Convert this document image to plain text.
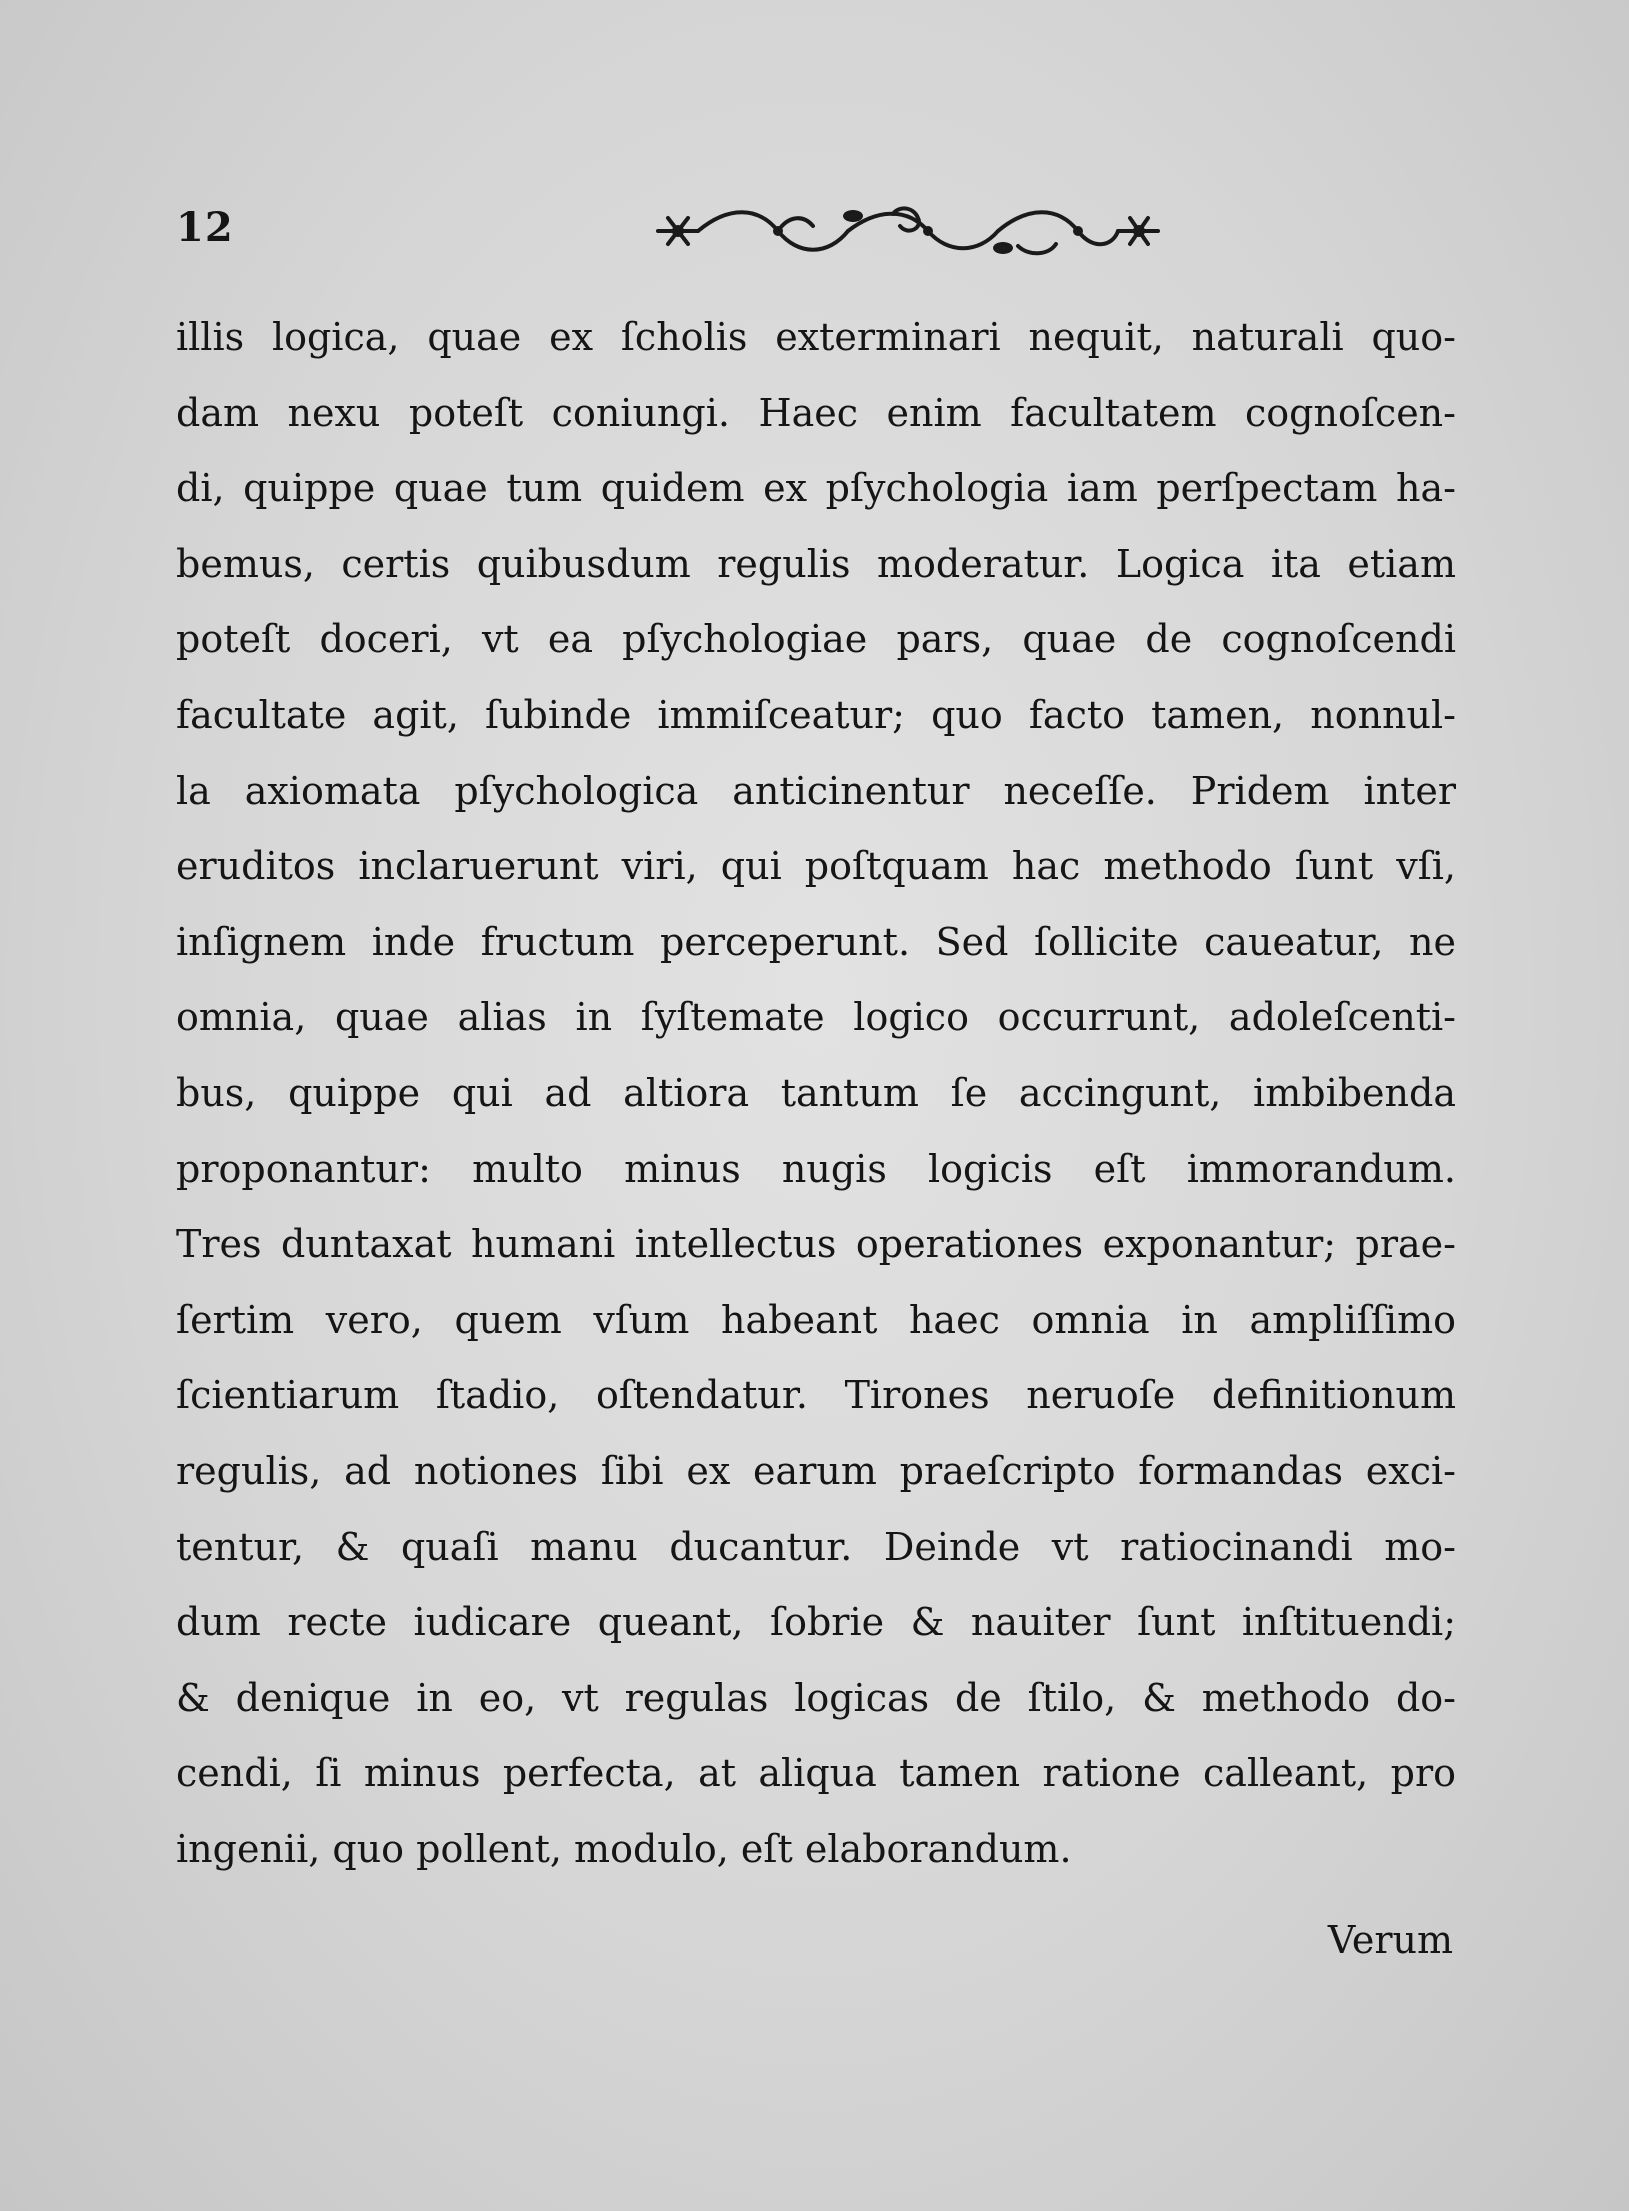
12
illis logica, quae ex ſcholis exterminari nequit, naturali quo-
dam nexu poteſt coniungi. Haec enim facultatem cognoſcen-
di, quippe quae tum quidem ex pſychologia iam perſpectam ha-
bemus, certis quibusdum regulis moderatur. Logica ita etiam
poteſt doceri, vt ea pſychologiae pars, quae de cognoſcendi
facultate agit, ſubinde immiſceatur; quo facto tamen, nonnul-
la axiomata pſychologica anticinentur neceſſe. Pridem inter
eruditos inclaruerunt viri, qui poſtquam hac methodo ſunt vſi,
inſignem inde fructum perceperunt. Sed ſollicite caueatur, ne
omnia, quae alias in ſyſtemate logico occurrunt, adoleſcenti-
bus, quippe qui ad altiora tantum ſe accingunt, imbibenda
proponantur: multo minus nugis logicis eſt immorandum.
Tres duntaxat humani intellectus operationes exponantur; prae-
ſertim vero, quem vſum habeant haec omnia in ampliſſimo
ſcientiarum ſtadio, oſtendatur. Tirones neruoſe definitionum
regulis, ad notiones ſibi ex earum praeſcripto formandas exci-
tentur, & quaſi manu ducantur. Deinde vt ratiocinandi mo-
dum recte iudicare queant, ſobrie & nauiter ſunt inſtituendi;
& denique in eo, vt regulas logicas de ſtilo, & methodo do-
cendi, ſi minus perfecta, at aliqua tamen ratione calleant, pro
ingenii, quo pollent, modulo, eſt elaborandum.
Verum
